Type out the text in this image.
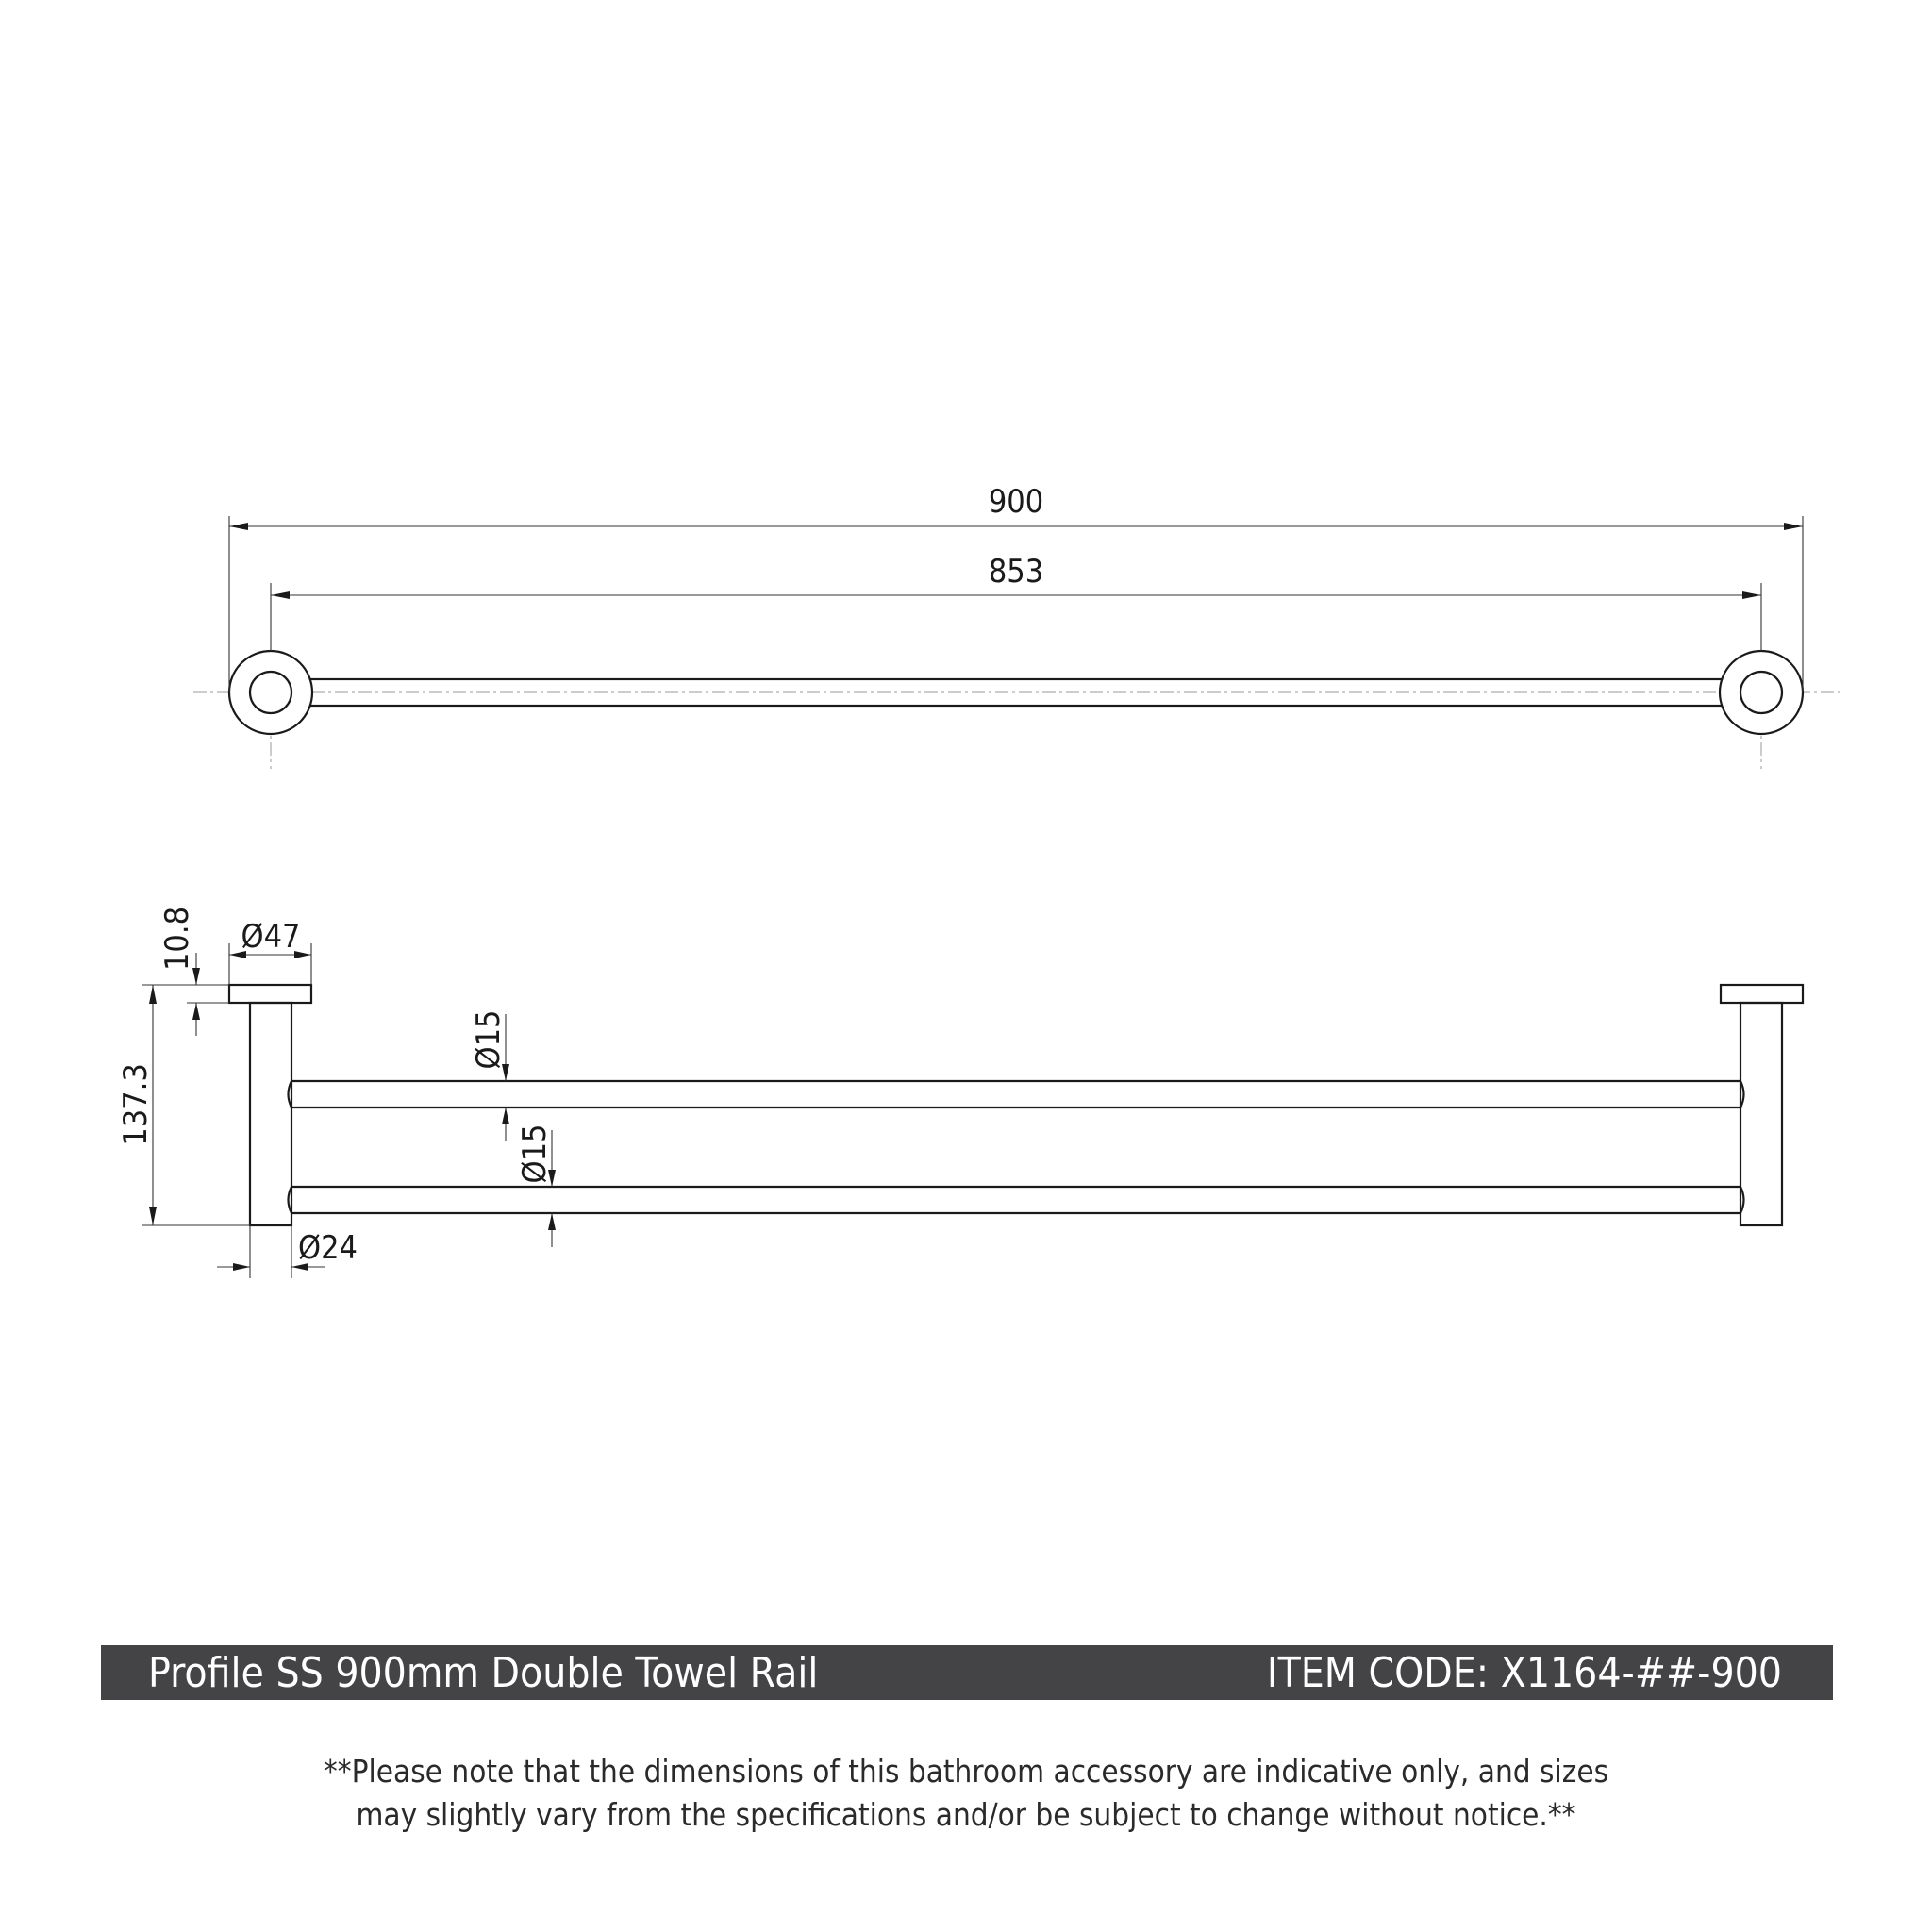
900
853
Ø47
10.8
137.3
Ø24
Ø15
Ø15
Profile SS 900mm Double Towel Rail	ITEM CODE: X1164-##-900
**Please note that the dimensions of this bathroom accessory are indicative only, and sizes
may slightly vary from the specifications and/or be subject to change without notice.**
